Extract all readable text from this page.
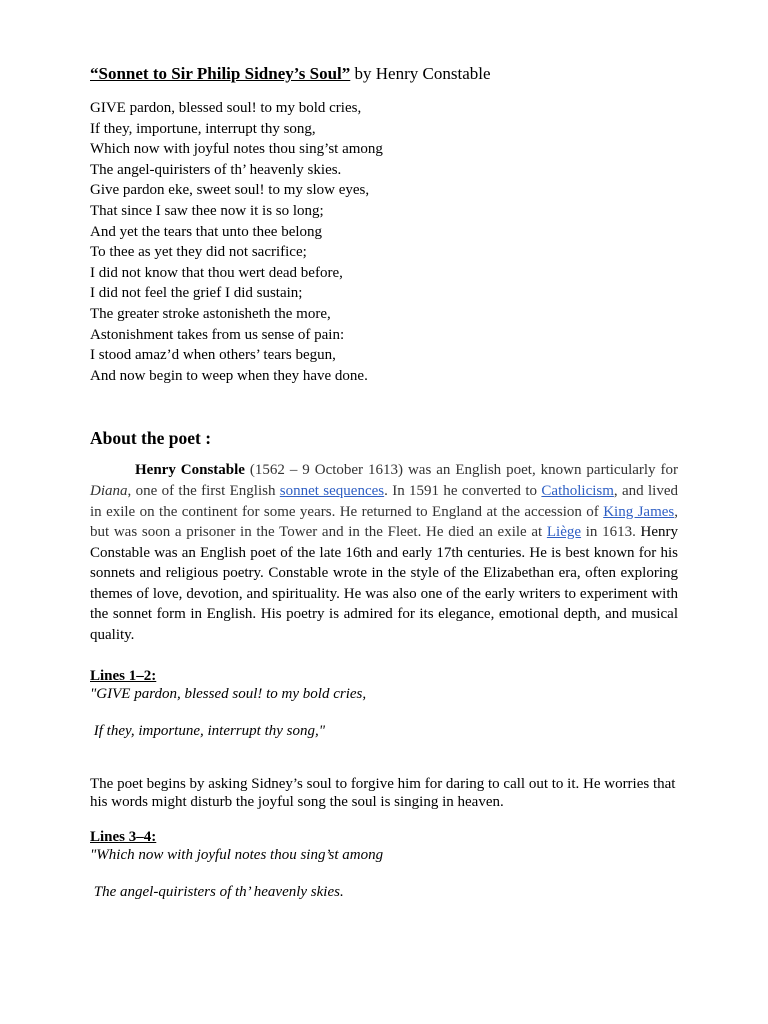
“Sonnet to Sir Philip Sidney’s Soul” by Henry Constable
GIVE pardon, blessed soul! to my bold cries,
If they, importune, interrupt thy song,
Which now with joyful notes thou sing’st among
The angel-quiristers of th’ heavenly skies.
Give pardon eke, sweet soul! to my slow eyes,
That since I saw thee now it is so long;
And yet the tears that unto thee belong
To thee as yet they did not sacrifice;
I did not know that thou wert dead before,
I did not feel the grief I did sustain;
The greater stroke astonisheth the more,
Astonishment takes from us sense of pain:
I stood amaz’d when others’ tears begun,
And now begin to weep when they have done.
About the poet :

Henry Constable (1562 – 9 October 1613) was an English poet, known particularly for Diana, one of the first English sonnet sequences. In 1591 he converted to Catholicism, and lived in exile on the continent for some years. He returned to England at the accession of King James, but was soon a prisoner in the Tower and in the Fleet. He died an exile at Liège in 1613. Henry Constable was an English poet of the late 16th and early 17th centuries. He is best known for his sonnets and religious poetry. Constable wrote in the style of the Elizabethan era, often exploring themes of love, devotion, and spirituality. He was also one of the early writers to experiment with the sonnet form in English. His poetry is admired for its elegance, emotional depth, and musical quality.

Lines 1–2:

"GIVE pardon, blessed soul! to my bold cries,

If they, importune, interrupt thy song,"

The poet begins by asking Sidney’s soul to forgive him for daring to call out to it. He worries that his words might disturb the joyful song the soul is singing in heaven.

Lines 3–4:

"Which now with joyful notes thou sing’st among

The angel-quiristers of th’ heavenly skies.
